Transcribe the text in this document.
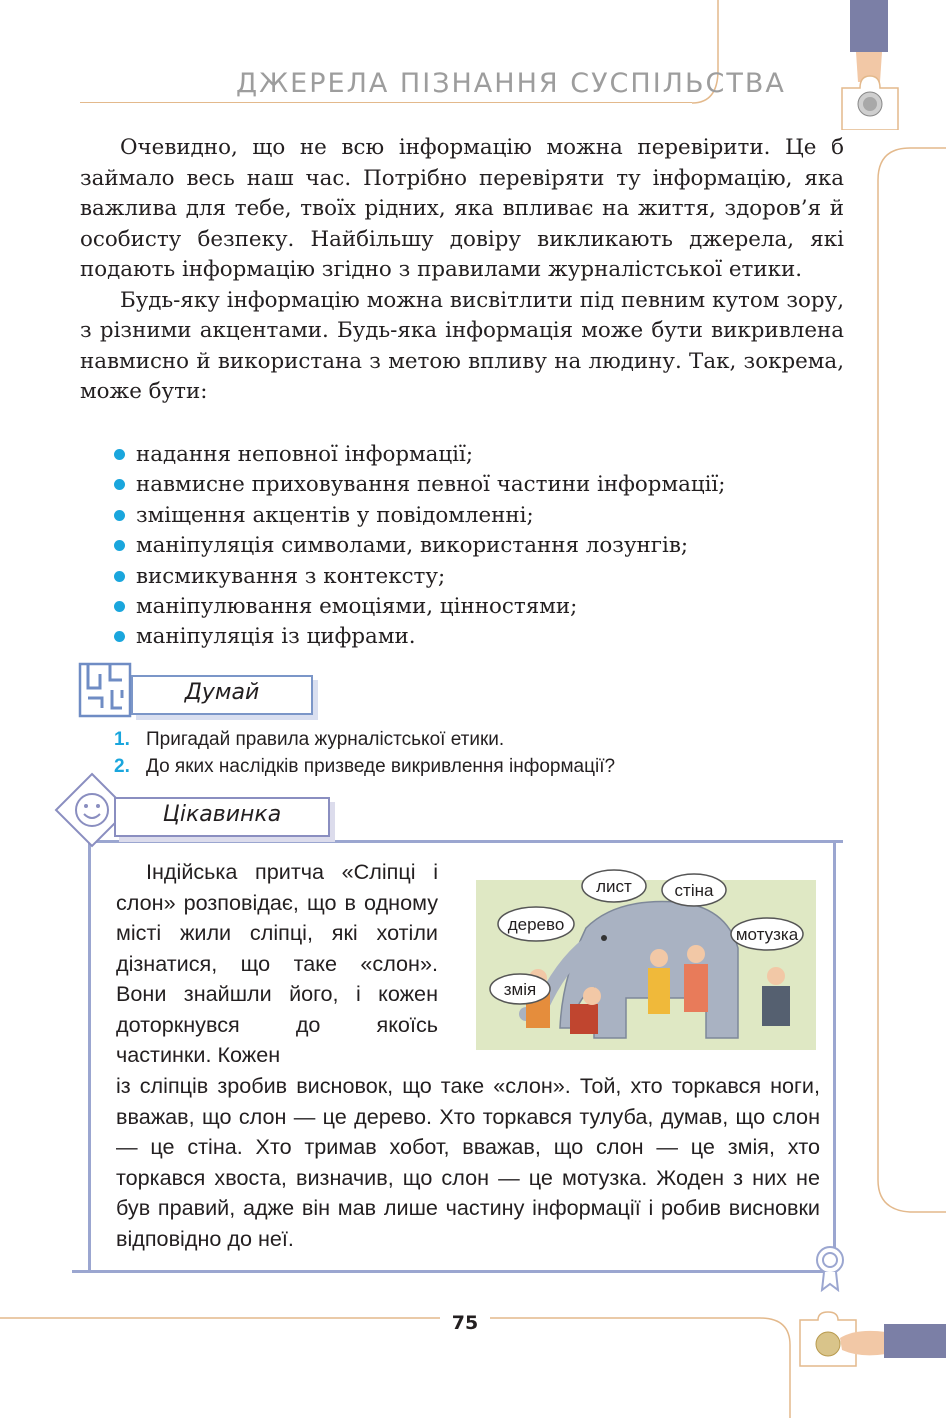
ДЖЕРЕЛА ПІЗНАННЯ СУСПІЛЬСТВА

Очевидно, що не всю інформацію можна перевірити. Це б займало весь наш час. Потрібно перевіряти ту інформацію, яка важлива для тебе, твоїх рідних, яка впливає на життя, здоров’я й особисту безпеку. Найбільшу довіру викликають джерела, які подають інформацію згідно з правилами журналістської етики.

Будь-яку інформацію можна висвітлити під певним кутом зору, з різними акцентами. Будь-яка інформація може бути викривлена навмисно й використана з метою впливу на людину. Так, зокрема, може бути:

надання неповної інформації;
навмисне приховування певної частини інформації;
зміщення акцентів у повідомленні;
маніпуляція символами, використання лозунгів;
висмикування з контексту;
маніпулювання емоціями, цінностями;
маніпуляція із цифрами.
Думай
1. Пригадай правила журналістської етики.
2. До яких наслідків призведе викривлення інформації?
Цікавинка

Індійська притча «Сліпці і слон» розповідає, що в одному місті жили сліпці, які хотіли дізнатися, що таке «слон». Вони знайшли його, і кожен доторкнувся до якоїсь частинки. Кожен

із сліпців зробив висновок, що таке «слон». Той, хто торкався ноги, вважав, що слон — це дерево. Хто торкався тулуба, думав, що слон — це стіна. Хто тримав хобот, вважав, що слон — це змія, хто торкався хвоста, визначив, що слон — це мотузка. Жоден з них не був правий, адже він мав лише частину інформації і робив висновки відповідно до неї.

лист	стіна
дерево
мотузка
змія
75
